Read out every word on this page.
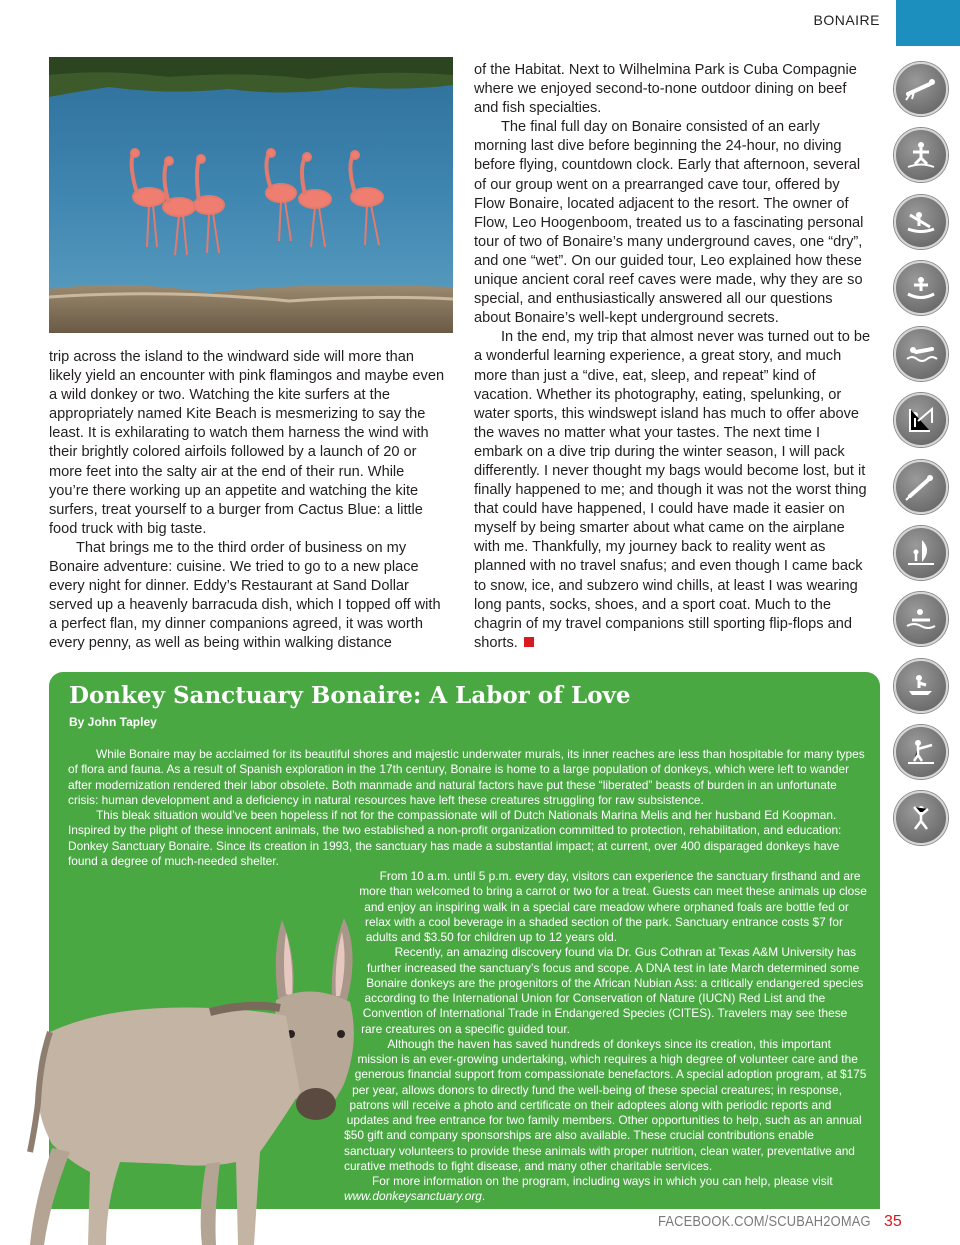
BONAIRE

trip across the island to the windward side will more than likely yield an encounter with pink flamingos and maybe even a wild donkey or two. Watching the kite surfers at the appropriately named Kite Beach is mesmerizing to say the least. It is exhilarating to watch them harness the wind with their brightly colored airfoils followed by a launch of 20 or more feet into the salty air at the end of their run. While you’re there working up an appetite and watching the kite surfers, treat yourself to a burger from Cactus Blue: a little food truck with big taste.

That brings me to the third order of business on my Bonaire adventure: cuisine. We tried to go to a new place every night for dinner. Eddy’s Restaurant at Sand Dollar served up a heavenly barracuda dish, which I topped off with a perfect flan, my dinner companions agreed, it was worth every penny, as well as being within walking distance

of the Habitat. Next to Wilhelmina Park is Cuba Compagnie where we enjoyed second-to-none outdoor dining on beef and fish specialties.

The final full day on Bonaire consisted of an early morning last dive before beginning the 24-hour, no diving before flying, countdown clock. Early that afternoon, several of our group went on a prearranged cave tour, offered by Flow Bonaire, located adjacent to the resort. The owner of Flow, Leo Hoogenboom, treated us to a fascinating personal tour of two of Bonaire’s many underground caves, one “dry”, and one “wet”. On our guided tour, Leo explained how these unique ancient coral reef caves were made, why they are so special, and enthusiastically answered all our questions about Bonaire’s well-kept underground secrets.

In the end, my trip that almost never was turned out to be a wonderful learning experience, a great story, and much more than just a “dive, eat, sleep, and repeat” kind of vacation. Whether its photography, eating, spelunking, or water sports, this windswept island has much to offer above the waves no matter what your tastes. The next time I embark on a dive trip during the winter season, I will pack differently. I never thought my bags would become lost, but it finally happened to me; and though it was not the worst thing that could have happened, I could have made it easier on myself by being smarter about what came on the airplane with me. Thankfully, my journey back to reality went as planned with no travel snafus; and even though I came back to snow, ice, and subzero wind chills, at least I was wearing long pants, socks, shoes, and a sport coat. Much to the chagrin of my travel companions still sporting flip-flops and shorts.

Donkey Sanctuary Bonaire: A Labor of Love
By John Tapley

While Bonaire may be acclaimed for its beautiful shores and majestic underwater murals, its inner reaches are less than hospitable for many types of flora and fauna. As a result of Spanish exploration in the 17th century, Bonaire is home to a large population of donkeys, which were left to wander after modernization rendered their labor obsolete. Both manmade and natural factors have put these “liberated” beasts of burden in an unfortunate crisis: human development and a deficiency in natural resources have left these creatures struggling for raw subsistence.

This bleak situation would’ve been hopeless if not for the compassionate will of Dutch Nationals Marina Melis and her husband Ed Koopman. Inspired by the plight of these innocent animals, the two established a non-profit organization committed to protection, rehabilitation, and education: Donkey Sanctuary Bonaire. Since its creation in 1993, the sanctuary has made a substantial impact; at current, over 400 disparaged donkeys have found a degree of much-needed shelter.

From 10 a.m. until 5 p.m. every day, visitors can experience the sanctuary firsthand and are more than welcomed to bring a carrot or two for a treat. Guests can meet these animals up close and enjoy an inspiring walk in a special care meadow where orphaned foals are bottle fed or relax with a cool beverage in a shaded section of the park. Sanctuary entrance costs $7 for adults and $3.50 for children up to 12 years old.

Recently, an amazing discovery found via Dr. Gus Cothran at Texas A&M University has further increased the sanctuary’s focus and scope. A DNA test in late March determined some Bonaire donkeys are the progenitors of the African Nubian Ass: a critically endangered species according to the International Union for Conservation of Nature (IUCN) Red List and the Convention of International Trade in Endangered Species (CITES). Travelers may see these rare creatures on a specific guided tour.

Although the haven has saved hundreds of donkeys since its creation, this important mission is an ever-growing undertaking, which requires a high degree of volunteer care and the generous financial support from compassionate benefactors. A special adoption program, at $175 per year, allows donors to directly fund the well-being of these special creatures; in response, patrons will receive a photo and certificate on their adoptees along with periodic reports and updates and free entrance for two family members. Other opportunities to help, such as an annual $50 gift and company sponsorships are also available. These crucial contributions enable sanctuary volunteers to provide these animals with proper nutrition, clean water, preventative and curative methods to fight disease, and many other charitable services.

For more information on the program, including ways in which you can help, please visit www.donkeysanctuary.org.

FACEBOOK.COM/SCUBAH2OMAG 35
